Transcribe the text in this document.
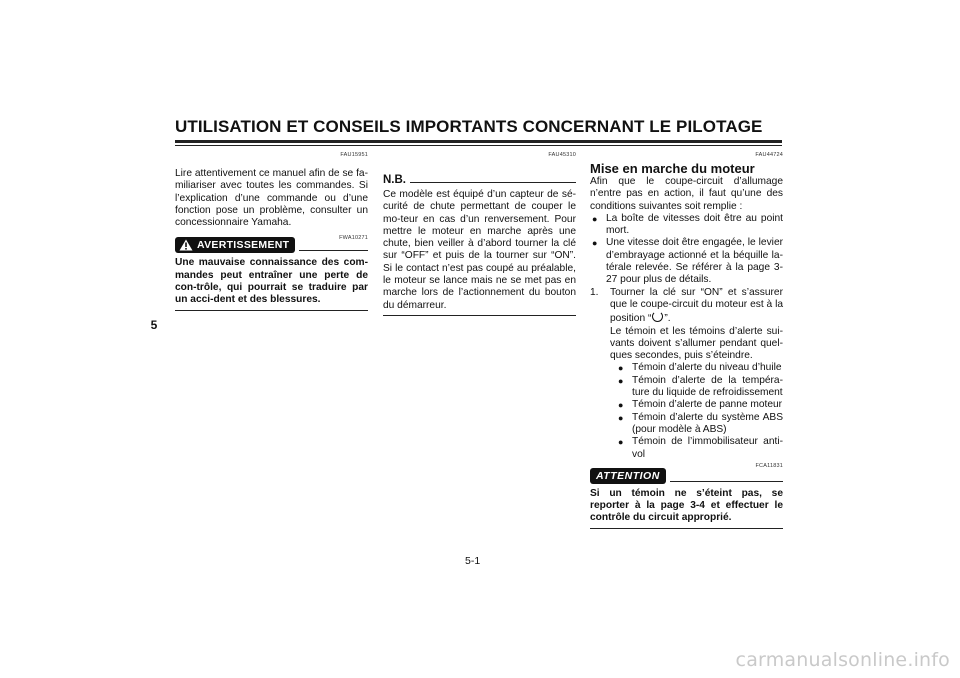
UTILISATION ET CONSEILS IMPORTANTS CONCERNANT LE PILOTAGE
5
FAU15951
Lire attentivement ce manuel afin de se fa-miliariser avec toutes les commandes. Si l’explication d’une commande ou d’une fonction pose un problème, consulter un concessionnaire Yamaha.
FWA10271
AVERTISSEMENT
Une mauvaise connaissance des com-mandes peut entraîner une perte de con-trôle, qui pourrait se traduire par un acci-dent et des blessures.
FAU45310
N.B.
Ce modèle est équipé d’un capteur de sé-curité de chute permettant de couper le mo-teur en cas d’un renversement. Pour mettre le moteur en marche après une chute, bien veiller à d’abord tourner la clé sur “OFF” et puis de la tourner sur “ON”. Si le contact n’est pas coupé au préalable, le moteur se lance mais ne se met pas en marche lors de l’actionnement du bouton du démarreur.
FAU44724
Mise en marche du moteur
Afin que le coupe-circuit d’allumage n’entre pas en action, il faut qu’une des conditions suivantes soit remplie :
● La boîte de vitesses doit être au point mort.
● Une vitesse doit être engagée, le levier d’embrayage actionné et la béquille la-térale relevée. Se référer à la page 3-27 pour plus de détails.
1.	Tourner la clé sur “ON” et s’assurer que le coupe-circuit du moteur est à la position “ ”.
Le témoin et les témoins d’alerte sui-vants doivent s’allumer pendant quel-ques secondes, puis s’éteindre.
● Témoin d’alerte du niveau d’huile
● Témoin d’alerte de la tempéra-ture du liquide de refroidissement
● Témoin d’alerte de panne moteur
● Témoin d’alerte du système ABS (pour modèle à ABS)
● Témoin de l’immobilisateur anti-vol
FCA11831
ATTENTION
Si un témoin ne s’éteint pas, se reporter à la page 3-4 et effectuer le contrôle du circuit approprié.
5-1
carmanualsonline.info
